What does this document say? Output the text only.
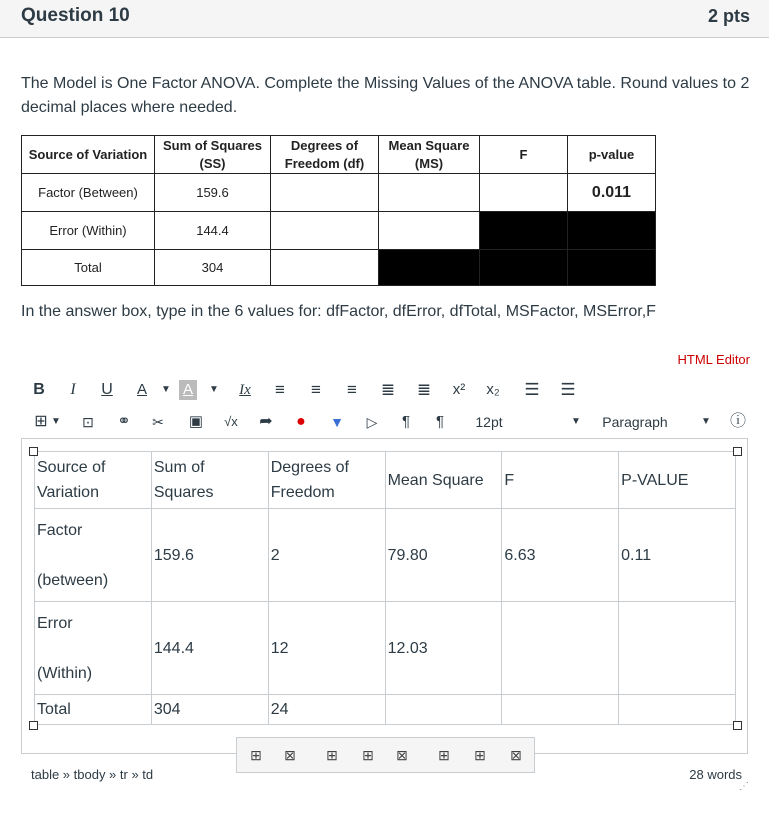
Question 10	2 pts
The Model is One Factor ANOVA. Complete the Missing Values of the ANOVA table. Round values to 2 decimal places where needed.
Source of Variation	Sum of Squares (SS)	Degrees of Freedom (df)	Mean Square (MS)	F	p-value
Factor (Between)	159.6				0.011
Error (Within)	144.4				
Total	304				
In the answer box, type in the 6 values for: dfFactor, dfError, dfTotal, MSFactor, MSError,F
HTML Editor
B	I	U A ▼ A	▼ Ix	≡	≡	≡	≣ ≣ x² x₂ ☰ ☰
⊞ ▼	⊡	⚭	✂	▣	√x	➦	●	▼	▷	¶	¶	12pt	▼ Paragraph	▼ ⓘ
Source of Variation	Sum of Squares	Degrees of Freedom	Mean Square	F	P-VALUE
Factor

(between)	159.6	2	79.80	6.63	0.11
Error

(Within)	144.4	12	12.03		
Total	304	24			
⊞ ⊠ ⊞ ⊞ ⊠ ⊞ ⊞ ⊠
table » tbody » tr » td	28 words
⋰
